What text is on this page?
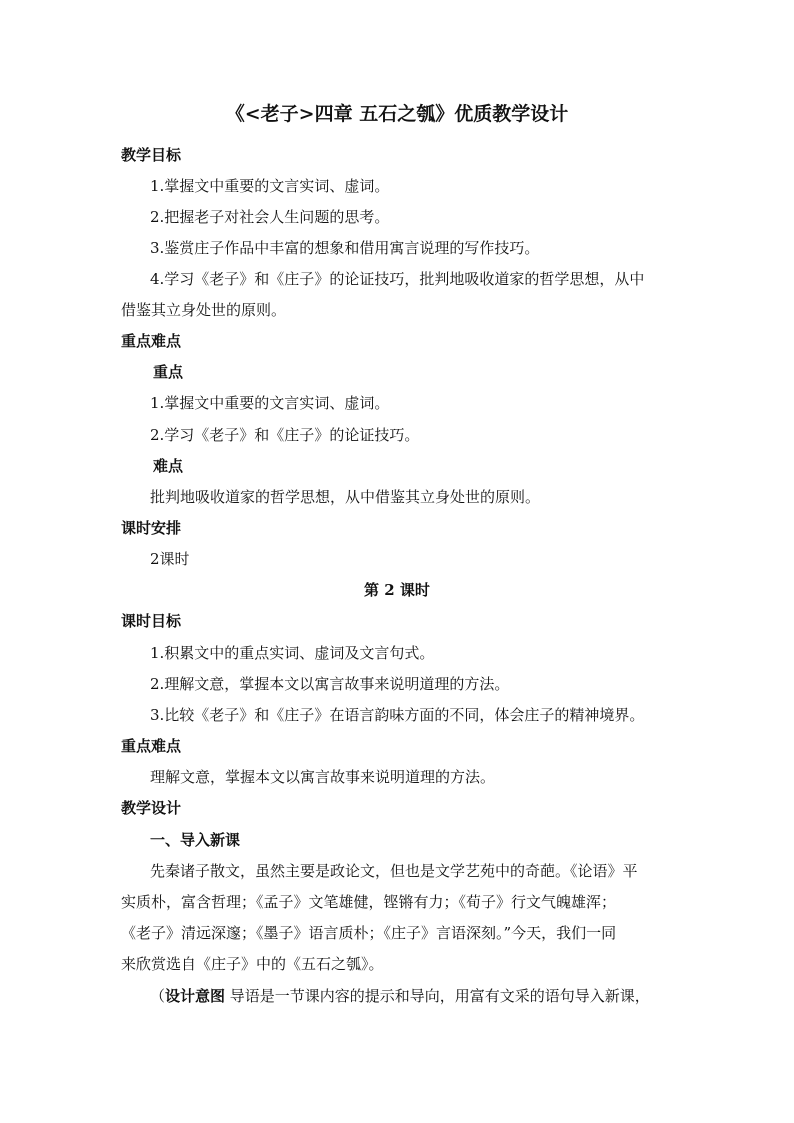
《<老子>四章 五石之瓠》优质教学设计
教学目标
1.掌握文中重要的文言实词、虚词。
2.把握老子对社会人生问题的思考。
3.鉴赏庄子作品中丰富的想象和借用寓言说理的写作技巧。
4.学习《老子》和《庄子》的论证技巧，批判地吸收道家的哲学思想，从中
借鉴其立身处世的原则。
重点难点
重点
1.掌握文中重要的文言实词、虚词。
2.学习《老子》和《庄子》的论证技巧。
难点
批判地吸收道家的哲学思想，从中借鉴其立身处世的原则。
课时安排
2课时
第 2 课时
课时目标
1.积累文中的重点实词、虚词及文言句式。
2.理解文意，掌握本文以寓言故事来说明道理的方法。
3.比较《老子》和《庄子》在语言韵味方面的不同，体会庄子的精神境界。
重点难点
理解文意，掌握本文以寓言故事来说明道理的方法。
教学设计
一、导入新课
先秦诸子散文，虽然主要是政论文，但也是文学艺苑中的奇葩。《论语》平
实质朴，富含哲理；《孟子》文笔雄健，铿锵有力；《荀子》行文气魄雄浑；
《老子》清远深邃；《墨子》语言质朴；《庄子》言语深刻。”今天，我们一同
来欣赏选自《庄子》中的《五石之瓠》。
（设计意图 导语是一节课内容的提示和导向，用富有文采的语句导入新课，
